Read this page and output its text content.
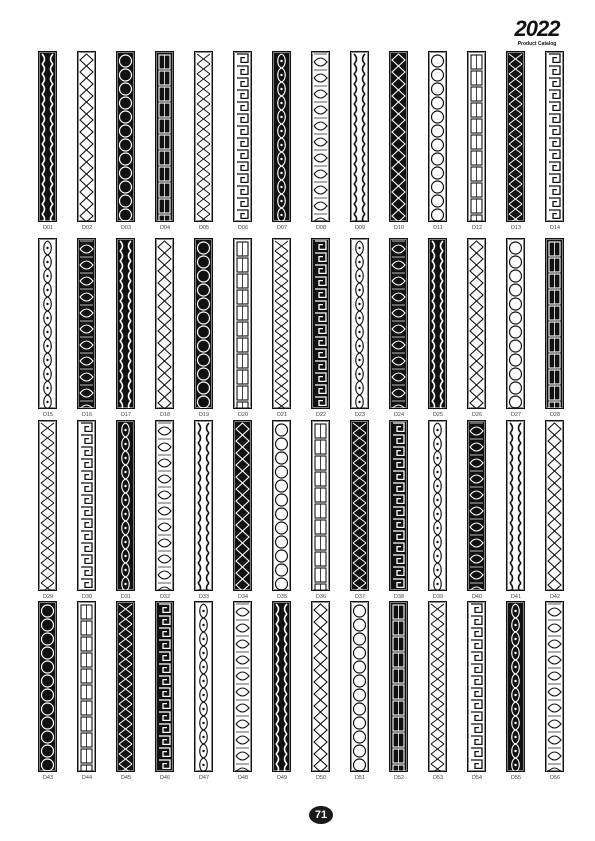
2022
Product Catalog
D01	D02	D03	D04	D05	D06	D07	D08	D09	D10	D11	D12	D13	D14
D15	D16	D17	D18	D19	D20	D21	D22	D23	D24	D25	D26	D27	D28
D29	D30	D31	D32	D33	D34	D35	D36	D37	D38	D39	D40	D41	D42
D43	D44	D45	D46	D47	D48	D49	D50	D51	D52	D53	D54	D55	D56
71
